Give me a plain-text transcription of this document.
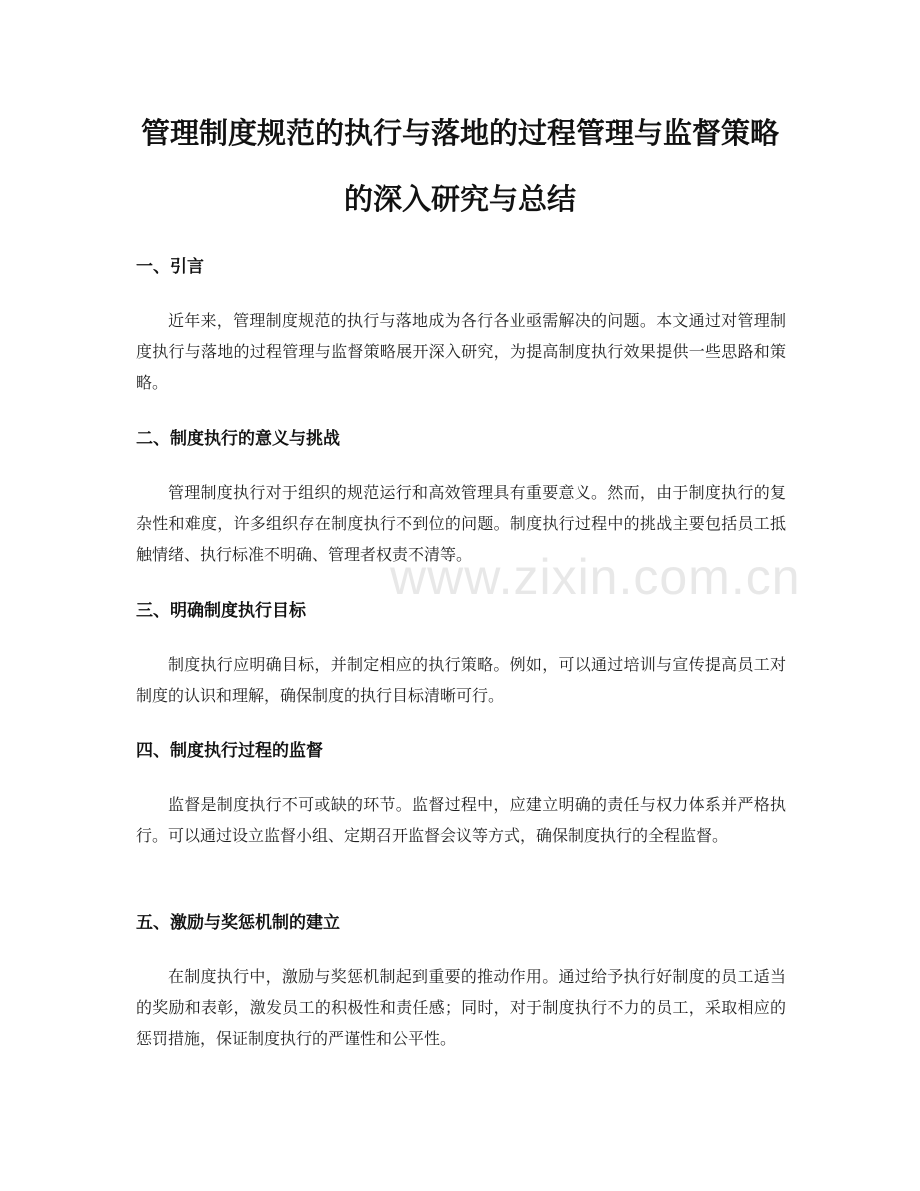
管理制度规范的执行与落地的过程管理与监督策略的深入研究与总结
一、引言

近年来，管理制度规范的执行与落地成为各行各业亟需解决的问题。本文通过对管理制度执行与落地的过程管理与监督策略展开深入研究，为提高制度执行效果提供一些思路和策略。

二、制度执行的意义与挑战

管理制度执行对于组织的规范运行和高效管理具有重要意义。然而，由于制度执行的复杂性和难度，许多组织存在制度执行不到位的问题。制度执行过程中的挑战主要包括员工抵触情绪、执行标准不明确、管理者权责不清等。

三、明确制度执行目标

制度执行应明确目标，并制定相应的执行策略。例如，可以通过培训与宣传提高员工对制度的认识和理解，确保制度的执行目标清晰可行。

四、制度执行过程的监督

监督是制度执行不可或缺的环节。监督过程中，应建立明确的责任与权力体系并严格执行。可以通过设立监督小组、定期召开监督会议等方式，确保制度执行的全程监督。

五、激励与奖惩机制的建立

在制度执行中，激励与奖惩机制起到重要的推动作用。通过给予执行好制度的员工适当的奖励和表彰，激发员工的积极性和责任感；同时，对于制度执行不力的员工，采取相应的惩罚措施，保证制度执行的严谨性和公平性。

www.zixin.com.cn
